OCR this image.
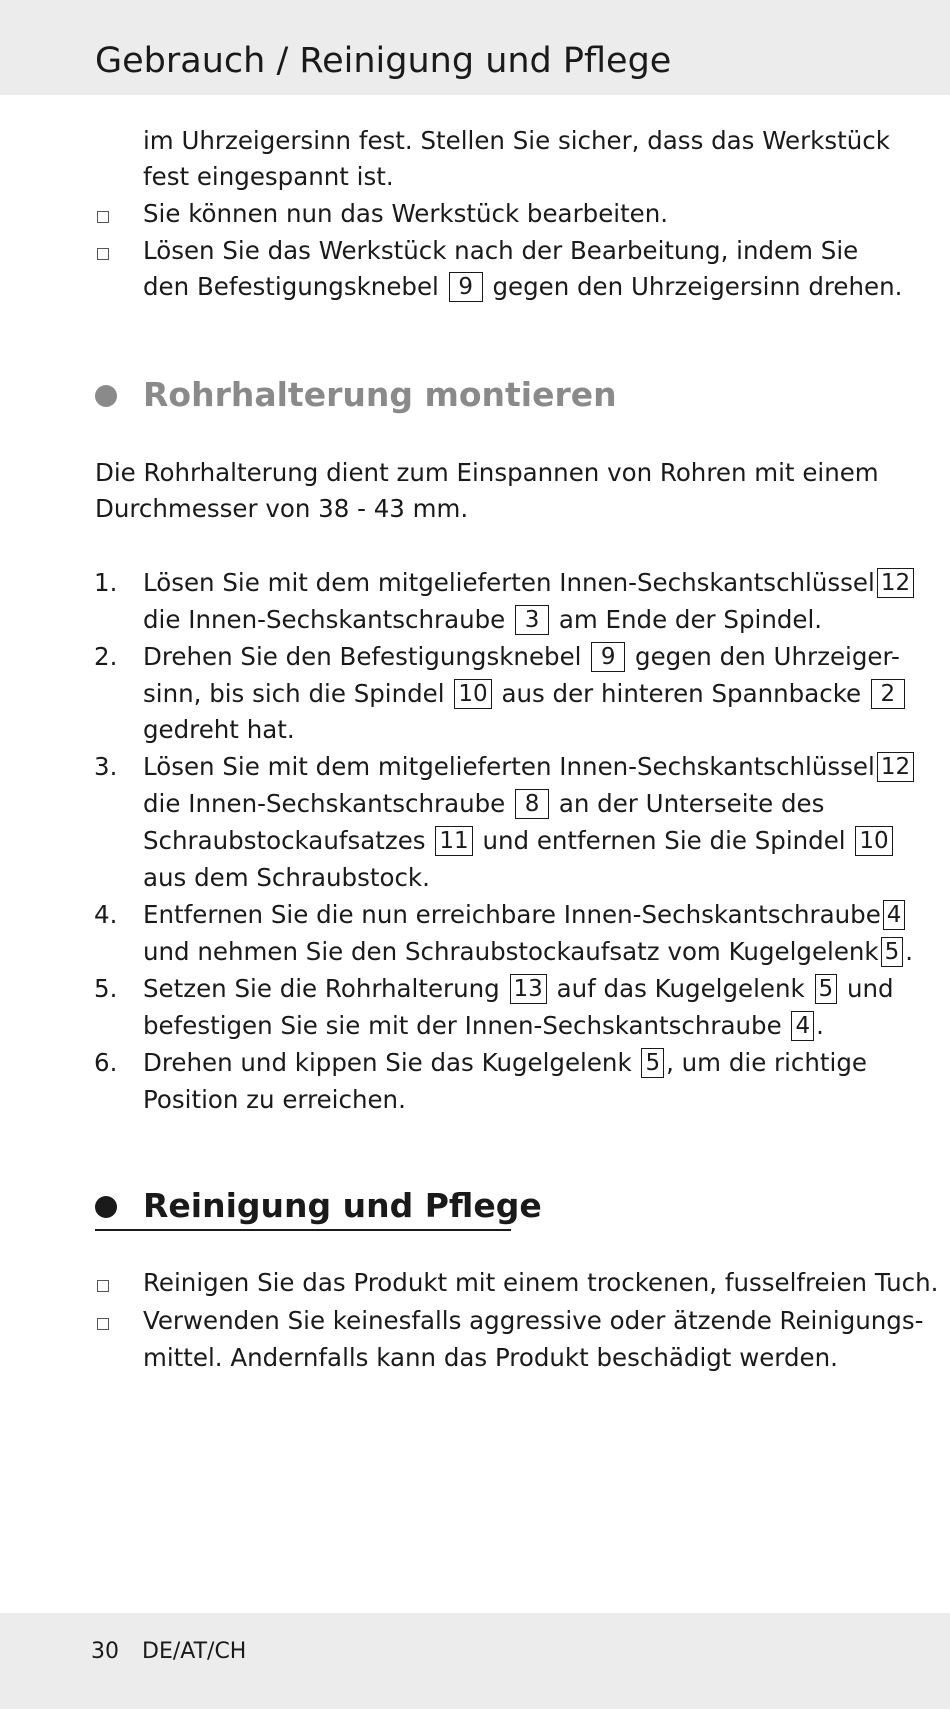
Gebrauch / Reinigung und Pflege
im Uhrzeigersinn fest. Stellen Sie sicher, dass das Werkstück
fest eingespannt ist.
Sie können nun das Werkstück bearbeiten.
Lösen Sie das Werkstück nach der Bearbeitung, indem Sie
den Befestigungsknebel 9 gegen den Uhrzeigersinn drehen.
Rohrhalterung montieren
Die Rohrhalterung dient zum Einspannen von Rohren mit einem
Durchmesser von 38 - 43 mm.
1.
2.
3.
4.
5.
6.
Lösen Sie mit dem mitgelieferten Innen-Sechskantschlüssel 12
die Innen-Sechskantschraube 3 am Ende der Spindel.
Drehen Sie den Befestigungsknebel 9 gegen den Uhrzeiger-
sinn, bis sich die Spindel 10 aus der hinteren Spannbacke 2
gedreht hat.
Lösen Sie mit dem mitgelieferten Innen-Sechskantschlüssel 12
die Innen-Sechskantschraube 8 an der Unterseite des
Schraubstockaufsatzes 11 und entfernen Sie die Spindel 10
aus dem Schraubstock.
Entfernen Sie die nun erreichbare Innen-Sechskantschraube 4
und nehmen Sie den Schraubstockaufsatz vom Kugelgelenk 5 .
Setzen Sie die Rohrhalterung 13 auf das Kugelgelenk 5 und
befestigen Sie sie mit der Innen-Sechskantschraube 4 .
Drehen und kippen Sie das Kugelgelenk 5 , um die richtige
Position zu erreichen.
Reinigung und Pflege
Reinigen Sie das Produkt mit einem trockenen, fusselfreien Tuch.
Verwenden Sie keinesfalls aggressive oder ätzende Reinigungs-
mittel. Andernfalls kann das Produkt beschädigt werden.
30 DE/AT/CH
